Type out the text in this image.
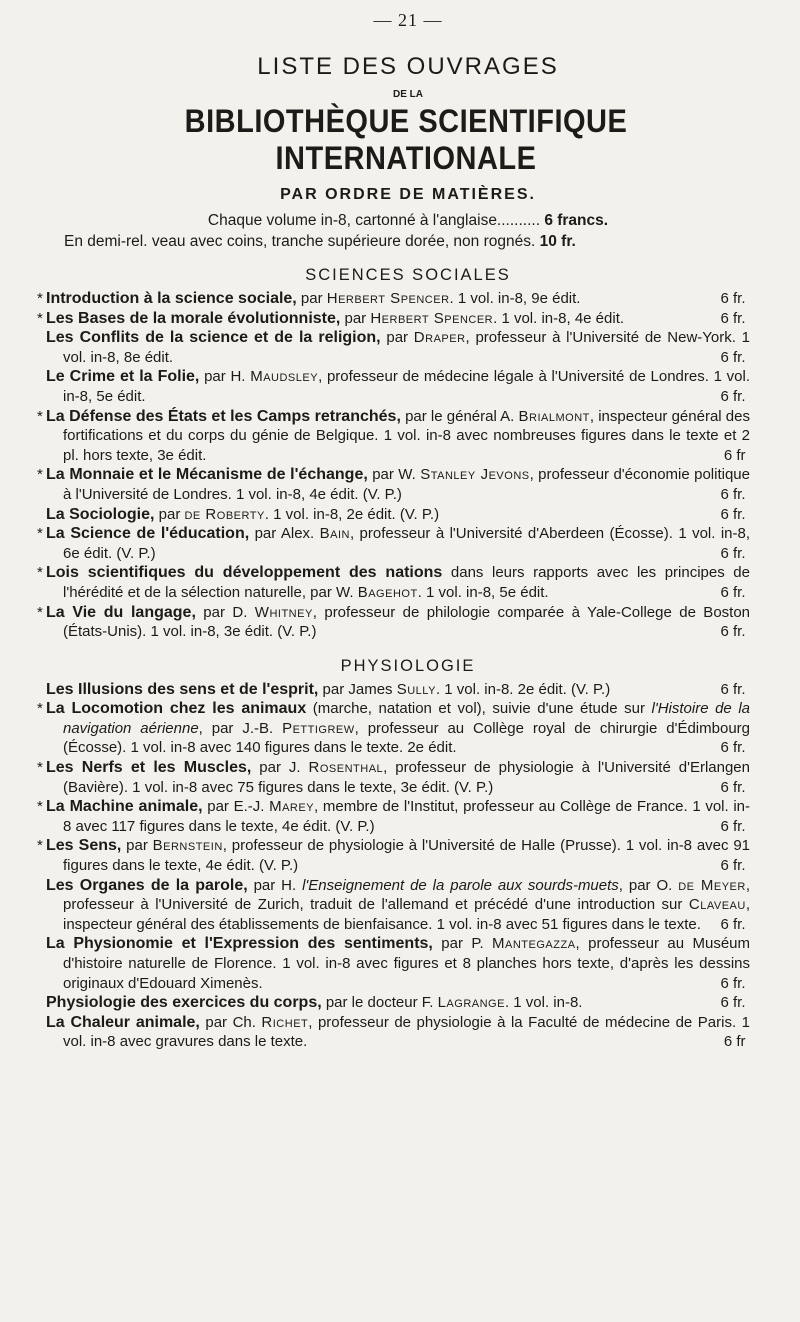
— 21 —
LISTE DES OUVRAGES
DE LA
BIBLIOTHÈQUE SCIENTIFIQUE INTERNATIONALE
PAR ORDRE DE MATIÈRES.
Chaque volume in-8, cartonné à l'anglaise.......... 6 francs.
En demi-rel. veau avec coins, tranche supérieure dorée, non rognés. 10 fr.
SCIENCES SOCIALES
*Introduction à la science sociale, par Herbert Spencer. 1 vol. in-8, 9e édit.	6 fr.
*Les Bases de la morale évolutionniste, par Herbert Spencer. 1 vol. in-8, 4e édit.	6 fr.
Les Conflits de la science et de la religion, par Draper, professeur à l'Université de New-York. 1 vol. in-8, 8e édit.	6 fr.
Le Crime et la Folie, par H. Maudsley, professeur de médecine légale à l'Université de Londres. 1 vol. in-8, 5e édit.	6 fr.
*La Défense des États et les Camps retranchés, par le général A. Brialmont, inspecteur général des fortifications et du corps du génie de Belgique. 1 vol. in-8 avec nombreuses figures dans le texte et 2 pl. hors texte, 3e édit.	6 fr
*La Monnaie et le Mécanisme de l'échange, par W. Stanley Jevons, professeur d'économie politique à l'Université de Londres. 1 vol. in-8, 4e édit. (V. P.)	6 fr.
La Sociologie, par de Roberty. 1 vol. in-8, 2e édit. (V. P.)	6 fr.
*La Science de l'éducation, par Alex. Bain, professeur à l'Université d'Aberdeen (Écosse). 1 vol. in-8, 6e édit. (V. P.)	6 fr.
*Lois scientifiques du développement des nations dans leurs rapports avec les principes de l'hérédité et de la sélection naturelle, par W. Bagehot. 1 vol. in-8, 5e édit.	6 fr.
*La Vie du langage, par D. Whitney, professeur de philologie comparée à Yale-College de Boston (États-Unis). 1 vol. in-8, 3e édit. (V. P.)	6 fr.
PHYSIOLOGIE
Les Illusions des sens et de l'esprit, par James Sully. 1 vol. in-8. 2e édit. (V. P.)	6 fr.
*La Locomotion chez les animaux (marche, natation et vol), suivie d'une étude sur l'Histoire de la navigation aérienne, par J.-B. Pettigrew, professeur au Collège royal de chirurgie d'Édimbourg (Écosse). 1 vol. in-8 avec 140 figures dans le texte. 2e édit.	6 fr.
*Les Nerfs et les Muscles, par J. Rosenthal, professeur de physiologie à l'Université d'Erlangen (Bavière). 1 vol. in-8 avec 75 figures dans le texte, 3e édit. (V. P.)	6 fr.
*La Machine animale, par E.-J. Marey, membre de l'Institut, professeur au Collège de France. 1 vol. in-8 avec 117 figures dans le texte, 4e édit. (V. P.)	6 fr.
*Les Sens, par Bernstein, professeur de physiologie à l'Université de Halle (Prusse). 1 vol. in-8 avec 91 figures dans le texte, 4e édit. (V. P.)	6 fr.
Les Organes de la parole, par H. l'Enseignement de la parole aux sourds-muets, par O. de Meyer, professeur à l'Université de Zurich, traduit de l'allemand et précédé d'une introduction sur Claveau, inspecteur général des établissements de bienfaisance. 1 vol. in-8 avec 51 figures dans le texte. 6 fr.
La Physionomie et l'Expression des sentiments, par P. Mantegazza, professeur au Muséum d'histoire naturelle de Florence. 1 vol. in-8 avec figures et 8 planches hors texte, d'après les dessins originaux d'Edouard Ximenès.	6 fr.
Physiologie des exercices du corps, par le docteur F. Lagrange. 1 vol. in-8.	6 fr.
La Chaleur animale, par Ch. Richet, professeur de physiologie à la Faculté de médecine de Paris. 1 vol. in-8 avec gravures dans le texte.	6 fr
